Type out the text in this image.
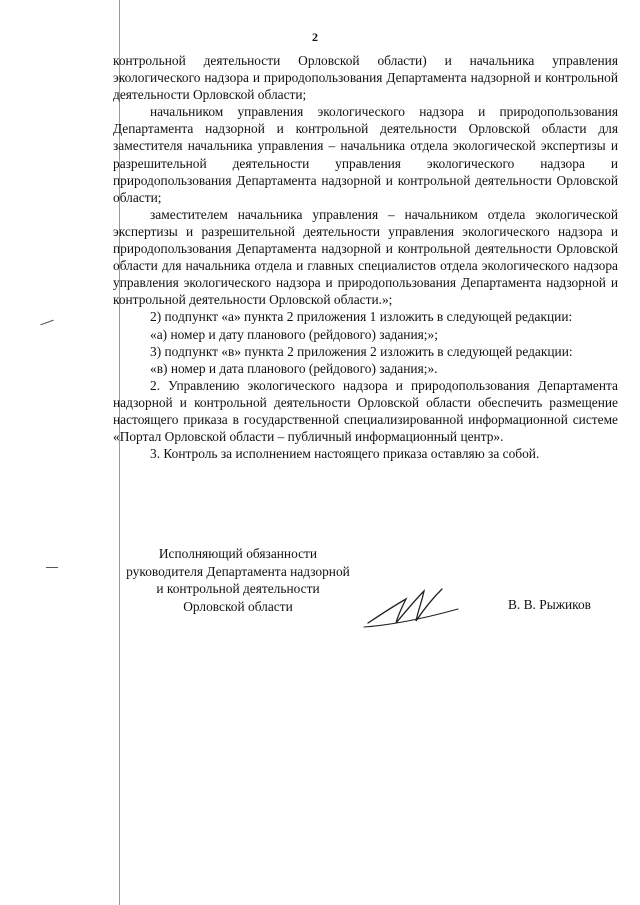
2

контрольной деятельности Орловской области) и начальника управления экологического надзора и природопользования Департамента надзорной и контрольной деятельности Орловской области;

начальником управления экологического надзора и природопользования Департамента надзорной и контрольной деятельности Орловской области для заместителя начальника управления – начальника отдела экологической экспертизы и разрешительной деятельности управления экологического надзора и природопользования Департамента надзорной и контрольной деятельности Орловской области;

заместителем начальника управления – начальником отдела экологической экспертизы и разрешительной деятельности управления экологического надзора и природопользования Департамента надзорной и контрольной деятельности Орловской области для начальника отдела и главных специалистов отдела экологического надзора управления экологического надзора и природопользования Департамента надзорной и контрольной деятельности Орловской области.»;

2) подпункт «а» пункта 2 приложения 1 изложить в следующей редакции:

«а) номер и дату планового (рейдового) задания;»;

3) подпункт «в» пункта 2 приложения 2 изложить в следующей редакции:

«в) номер и дата планового (рейдового) задания;».

2. Управлению экологического надзора и природопользования Департамента надзорной и контрольной деятельности Орловской области обеспечить размещение настоящего приказа в государственной специализированной информационной системе «Портал Орловской области – публичный информационный центр».

3. Контроль за исполнением настоящего приказа оставляю за собой.

Исполняющий обязанности
руководителя Департамента надзорной
и контрольной деятельности
Орловской области	В. В. Рыжиков
